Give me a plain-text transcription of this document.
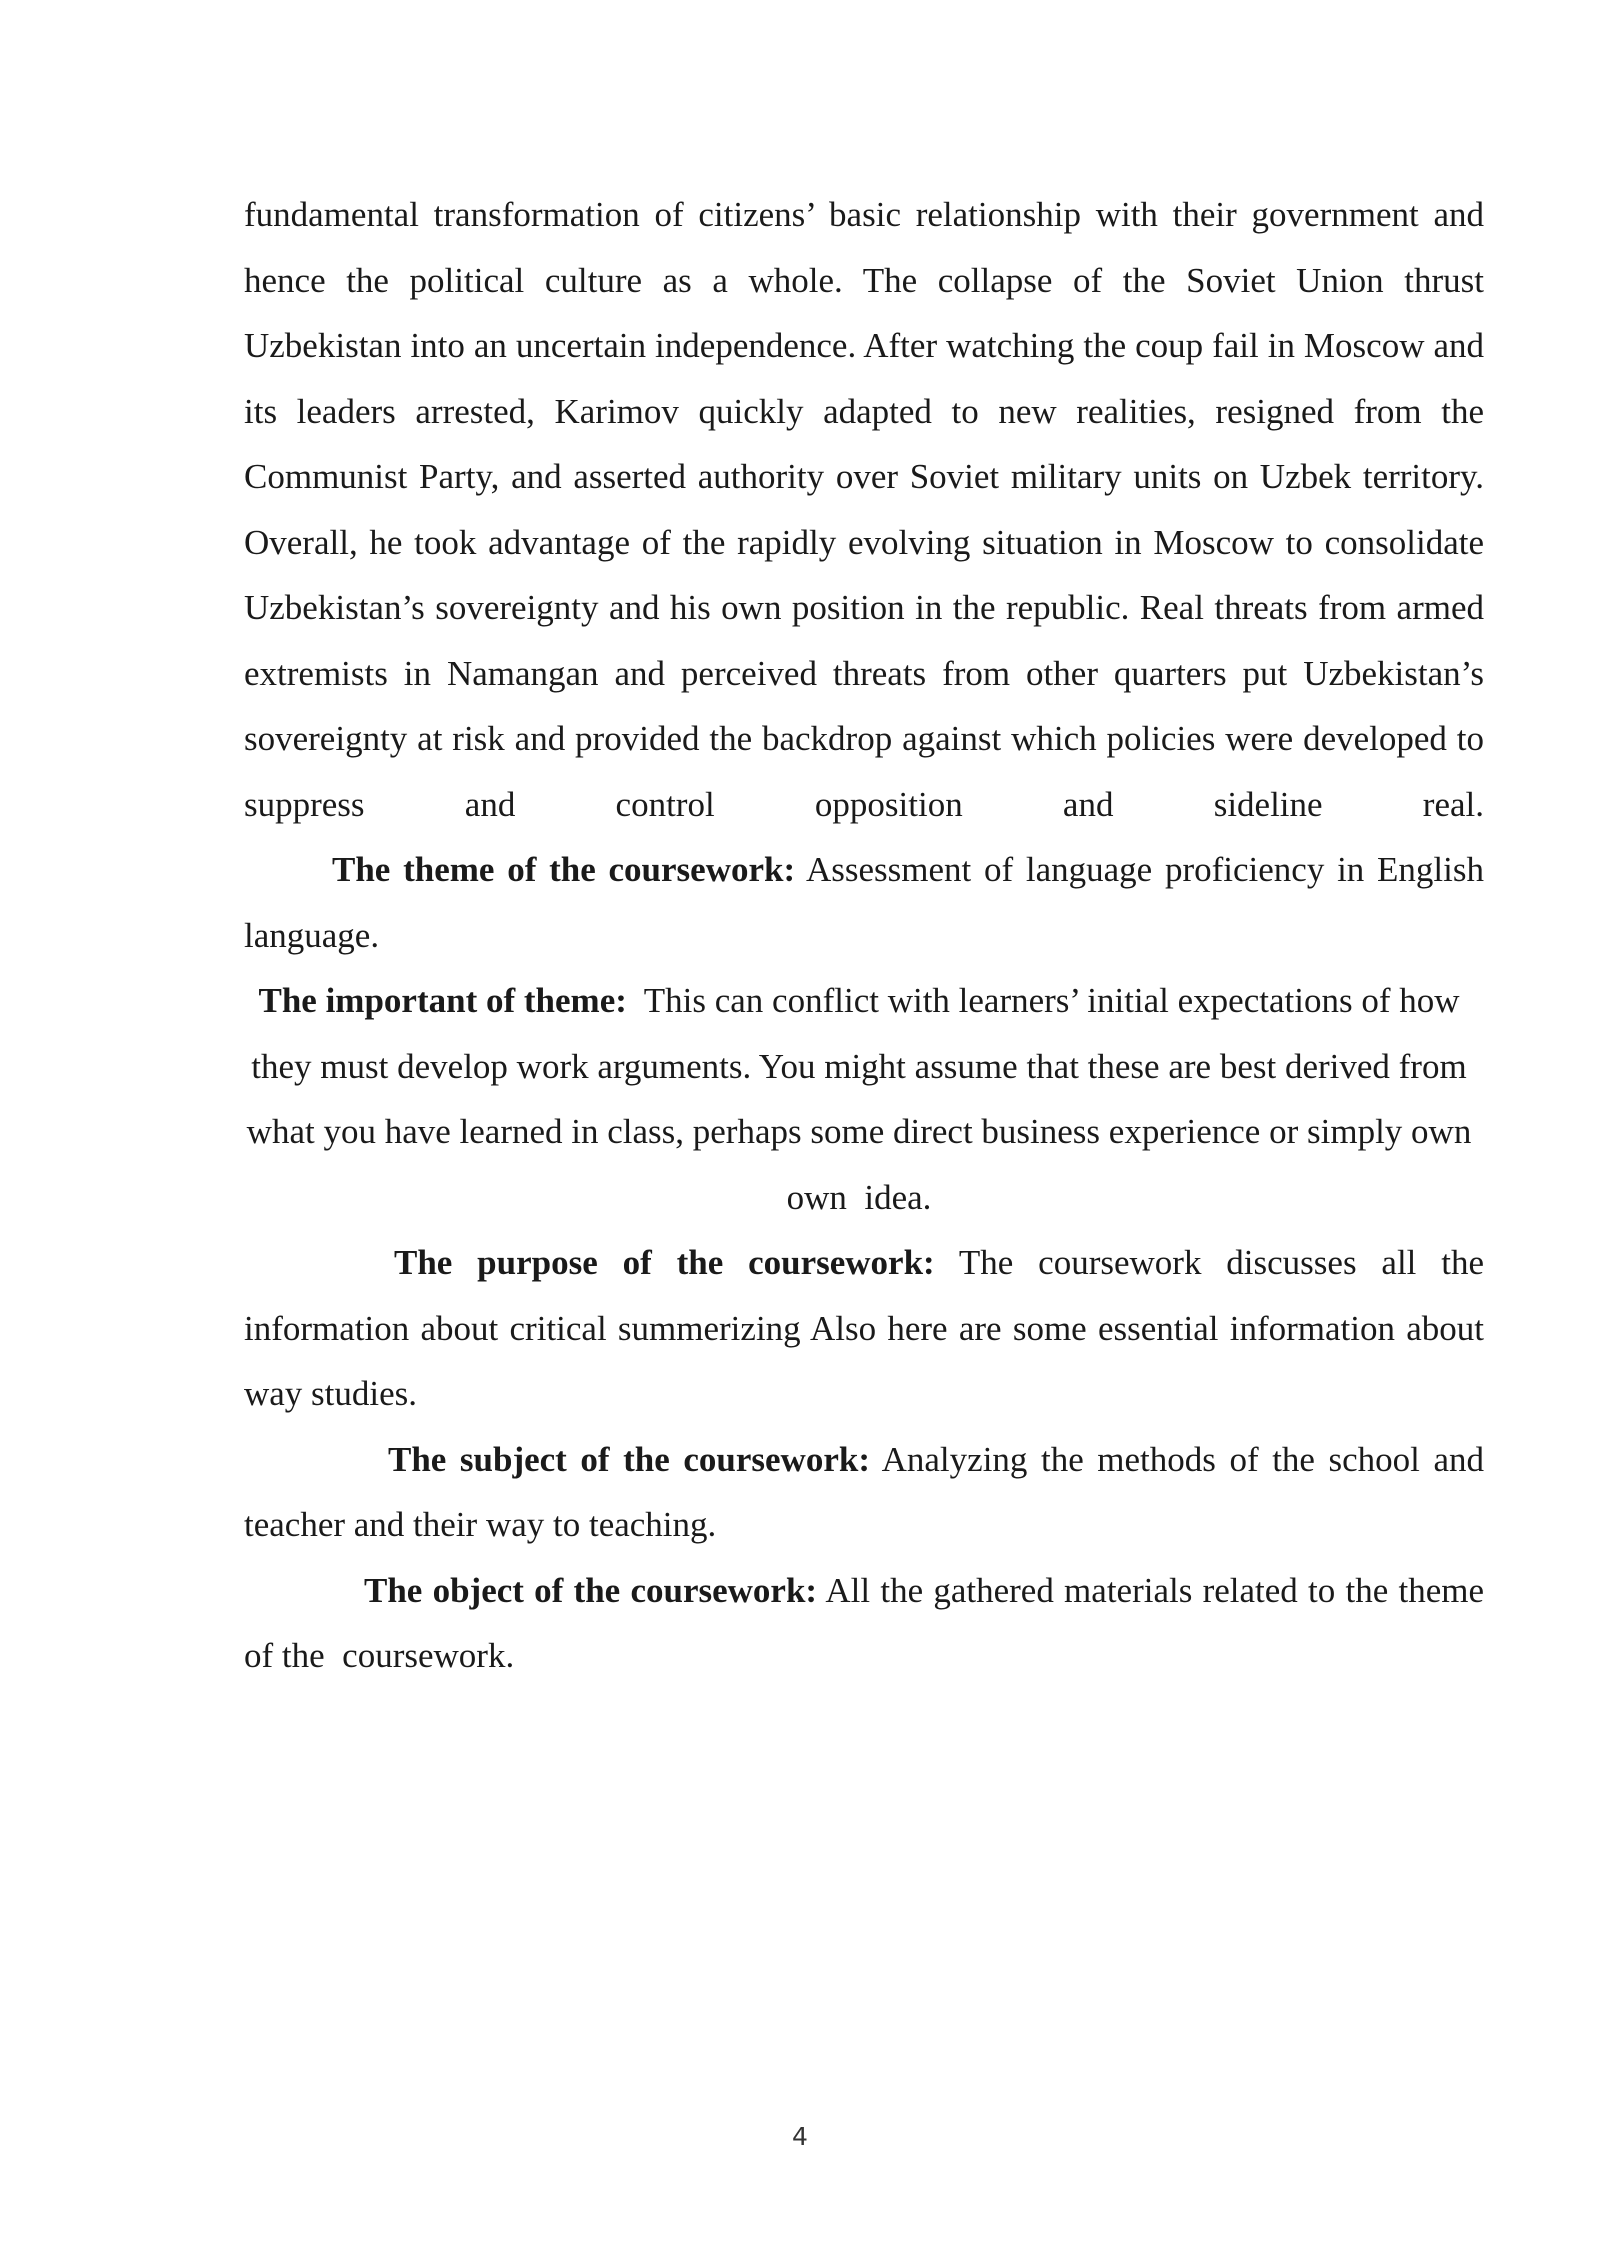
fundamental transformation of citizens’ basic relationship with their government and hence the political culture as a whole. The collapse of the Soviet Union thrust Uzbekistan into an uncertain independence. After watching the coup fail in Moscow and its leaders arrested, Karimov quickly adapted to new realities, resigned from the Communist Party, and asserted authority over Soviet military units on Uzbek territory. Overall, he took advantage of the rapidly evolving situation in Moscow to consolidate Uzbekistan’s sovereignty and his own position in the republic. Real threats from armed extremists in Namangan and perceived threats from other quarters put Uzbekistan’s sovereignty at risk and provided the backdrop against which policies were developed to suppress and control opposition and sideline real.

The theme of the coursework: Assessment of language proficiency in English language.

The important of theme:  This can conflict with learners’ initial expectations of how they must develop work arguments. You might assume that these are best derived from what you have learned in class, perhaps some direct business experience or simply own   own  idea.

The purpose of the coursework: The coursework discusses all the information about critical summerizing Also here are some essential information about way studies.

The subject of the coursework: Analyzing the methods of the school and teacher and their way to teaching.

The object of the coursework: All the gathered materials related to the theme of the  coursework.

4
